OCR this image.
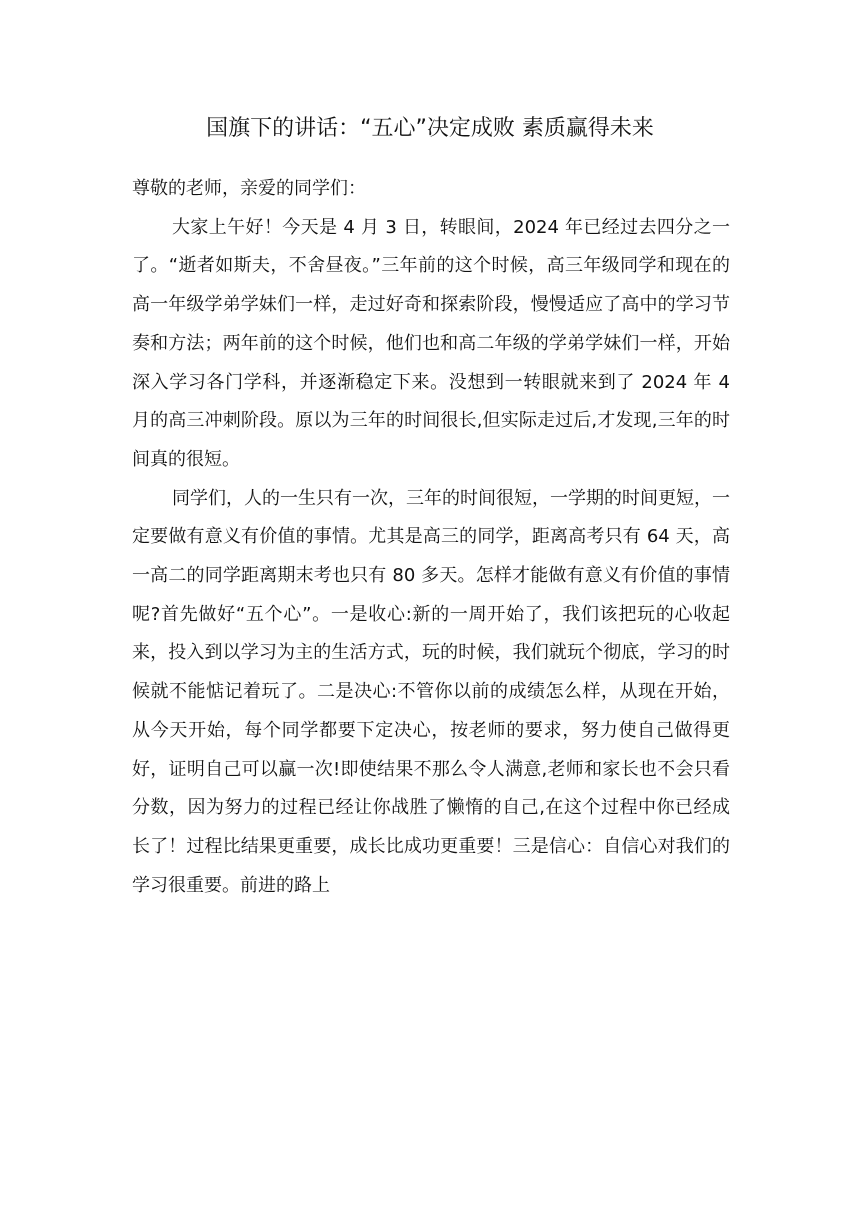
国旗下的讲话：“五心”决定成败 素质赢得未来

尊敬的老师，亲爱的同学们：

大家上午好！今天是 4 月 3 日，转眼间，2024 年已经过去四分之一了。“逝者如斯夫，不舍昼夜。”三年前的这个时候，高三年级同学和现在的高一年级学弟学妹们一样，走过好奇和探索阶段，慢慢适应了高中的学习节奏和方法；两年前的这个时候，他们也和高二年级的学弟学妹们一样，开始深入学习各门学科，并逐渐稳定下来。没想到一转眼就来到了 2024 年 4 月的高三冲刺阶段。原以为三年的时间很长,但实际走过后,才发现,三年的时间真的很短。

同学们，人的一生只有一次，三年的时间很短，一学期的时间更短，一定要做有意义有价值的事情。尤其是高三的同学，距离高考只有 64 天，高一高二的同学距离期末考也只有 80 多天。怎样才能做有意义有价值的事情呢?首先做好“五个心”。一是收心:新的一周开始了，我们该把玩的心收起来，投入到以学习为主的生活方式，玩的时候，我们就玩个彻底，学习的时候就不能惦记着玩了。二是决心:不管你以前的成绩怎么样，从现在开始，从今天开始，每个同学都要下定决心，按老师的要求，努力使自己做得更好，证明自己可以赢一次!即使结果不那么令人满意,老师和家长也不会只看分数，因为努力的过程已经让你战胜了懒惰的自己,在这个过程中你已经成长了！过程比结果更重要，成长比成功更重要！三是信心：自信心对我们的学习很重要。前进的路上
